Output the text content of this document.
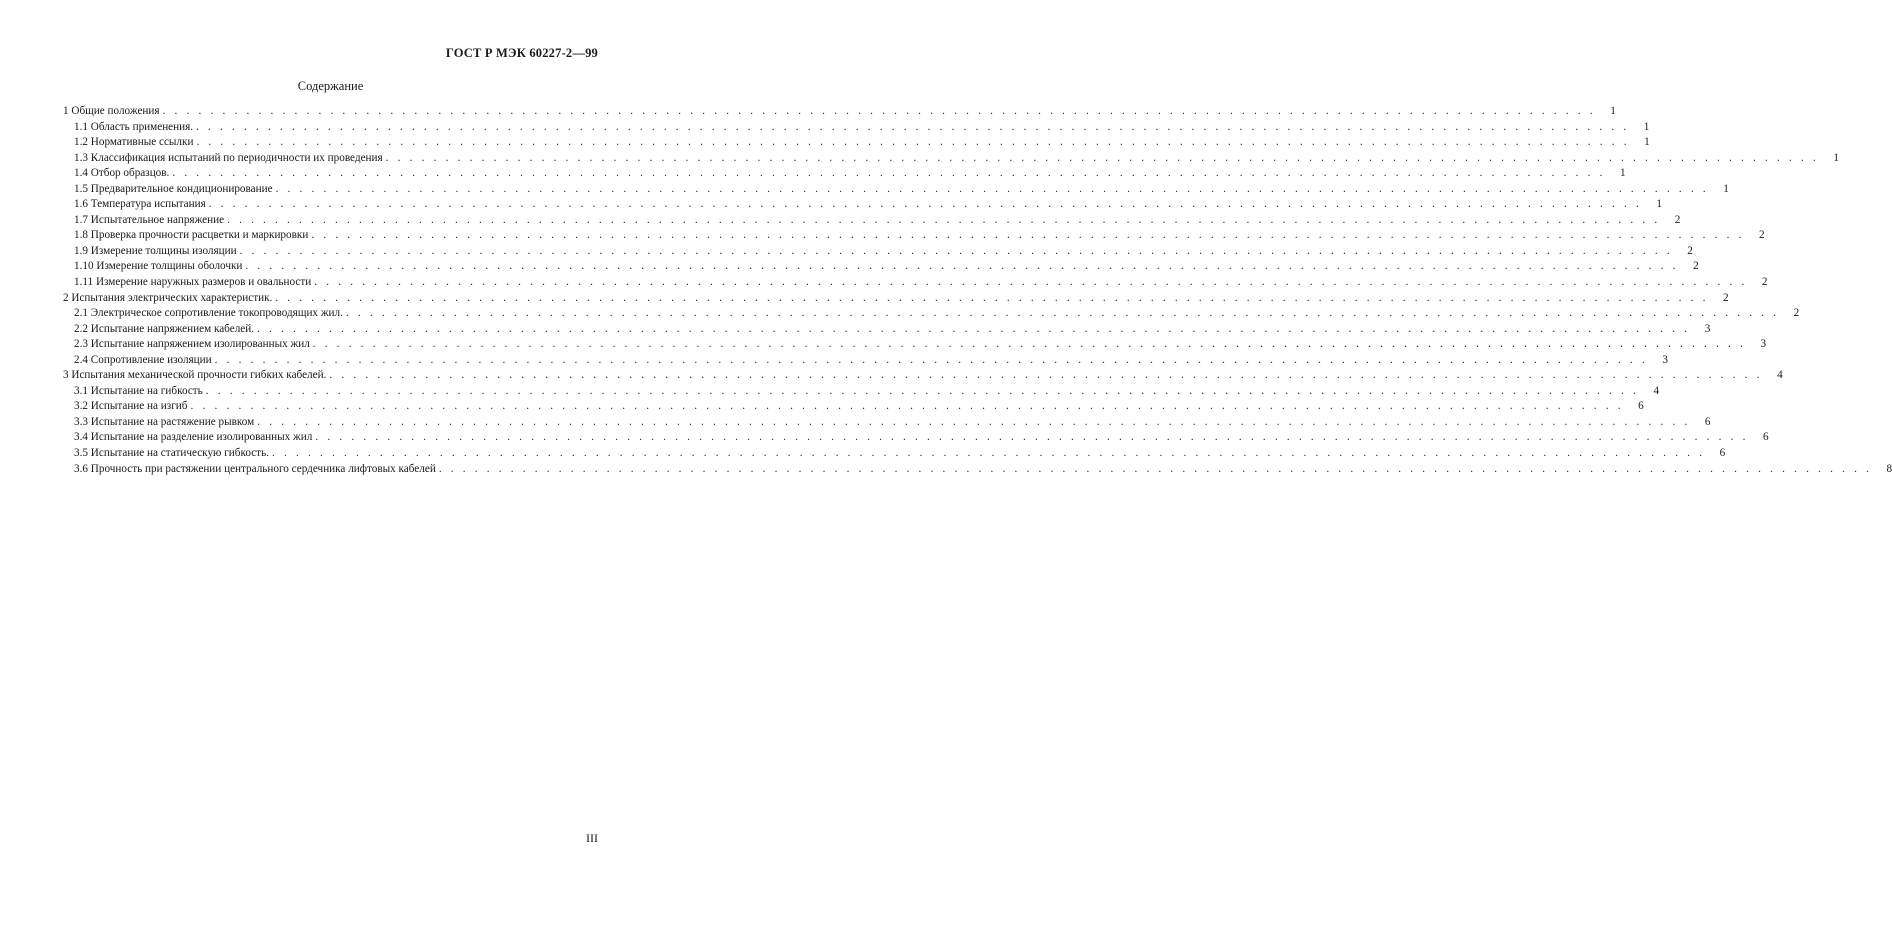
ГОСТ Р МЭК 60227-2—99
Содержание
1 Общие положения . . . . . . . . . . . . . . . . . . . . . . . . . . . . . . . . . . . . . . . . . . . . . . . . . . . . . . . . . . . . . . . . . . . . . . . . . . . . . . . . . . . . . . . . . . . . . . . . . . . . . . . . . . . . . . . . . . . . . . . .	1
1.1 Область применения. . . . . . . . . . . . . . . . . . . . . . . . . . . . . . . . . . . . . . . . . . . . . . . . . . . . . . . . . . . . . . . . . . . . . . . . . . . . . . . . . . . . . . . . . . . . . . . . . . . . . . . . . . . . . . . . . . . . . . . . .	1
1.2 Нормативные ссылки . . . . . . . . . . . . . . . . . . . . . . . . . . . . . . . . . . . . . . . . . . . . . . . . . . . . . . . . . . . . . . . . . . . . . . . . . . . . . . . . . . . . . . . . . . . . . . . . . . . . . . . . . . . . . . . . . . . . . . . .	1
1.3 Классификация испытаний по периодичности их проведения . . . . . . . . . . . . . . . . . . . . . . . . . . . . . . . . . . . . . . . . . . . . . . . . . . . . . . . . . . . . . . . . . . . . . . . . . . . . . . . . . . . . . . . . . . . . . . . . . . . . . . . . . . . . . . . . . . . . . . . .	1
1.4 Отбор образцов. . . . . . . . . . . . . . . . . . . . . . . . . . . . . . . . . . . . . . . . . . . . . . . . . . . . . . . . . . . . . . . . . . . . . . . . . . . . . . . . . . . . . . . . . . . . . . . . . . . . . . . . . . . . . . . . . . . . . . . . .	1
1.5 Предварительное кондиционирование . . . . . . . . . . . . . . . . . . . . . . . . . . . . . . . . . . . . . . . . . . . . . . . . . . . . . . . . . . . . . . . . . . . . . . . . . . . . . . . . . . . . . . . . . . . . . . . . . . . . . . . . . . . . . . . . . . . . . . . .	1
1.6 Температура испытания . . . . . . . . . . . . . . . . . . . . . . . . . . . . . . . . . . . . . . . . . . . . . . . . . . . . . . . . . . . . . . . . . . . . . . . . . . . . . . . . . . . . . . . . . . . . . . . . . . . . . . . . . . . . . . . . . . . . . . . .	1
1.7 Испытательное напряжение . . . . . . . . . . . . . . . . . . . . . . . . . . . . . . . . . . . . . . . . . . . . . . . . . . . . . . . . . . . . . . . . . . . . . . . . . . . . . . . . . . . . . . . . . . . . . . . . . . . . . . . . . . . . . . . . . . . . . . . .	2
1.8 Проверка прочности расцветки и маркировки . . . . . . . . . . . . . . . . . . . . . . . . . . . . . . . . . . . . . . . . . . . . . . . . . . . . . . . . . . . . . . . . . . . . . . . . . . . . . . . . . . . . . . . . . . . . . . . . . . . . . . . . . . . . . . . . . . . . . . . .	2
1.9 Измерение толщины изоляции . . . . . . . . . . . . . . . . . . . . . . . . . . . . . . . . . . . . . . . . . . . . . . . . . . . . . . . . . . . . . . . . . . . . . . . . . . . . . . . . . . . . . . . . . . . . . . . . . . . . . . . . . . . . . . . . . . . . . . . .	2
1.10 Измерение толщины оболочки . . . . . . . . . . . . . . . . . . . . . . . . . . . . . . . . . . . . . . . . . . . . . . . . . . . . . . . . . . . . . . . . . . . . . . . . . . . . . . . . . . . . . . . . . . . . . . . . . . . . . . . . . . . . . . . . . . . . . . . .	2
1.11 Измерение наружных размеров и овальности . . . . . . . . . . . . . . . . . . . . . . . . . . . . . . . . . . . . . . . . . . . . . . . . . . . . . . . . . . . . . . . . . . . . . . . . . . . . . . . . . . . . . . . . . . . . . . . . . . . . . . . . . . . . . . . . . . . . . . . .	2
2 Испытания электрических характеристик. . . . . . . . . . . . . . . . . . . . . . . . . . . . . . . . . . . . . . . . . . . . . . . . . . . . . . . . . . . . . . . . . . . . . . . . . . . . . . . . . . . . . . . . . . . . . . . . . . . . . . . . . . . . . . . . . . . . . . . . .	2
2.1 Электрическое сопротивление токопроводящих жил. . . . . . . . . . . . . . . . . . . . . . . . . . . . . . . . . . . . . . . . . . . . . . . . . . . . . . . . . . . . . . . . . . . . . . . . . . . . . . . . . . . . . . . . . . . . . . . . . . . . . . . . . . . . . . . . . . . . . . . . .	2
2.2 Испытание напряжением кабелей. . . . . . . . . . . . . . . . . . . . . . . . . . . . . . . . . . . . . . . . . . . . . . . . . . . . . . . . . . . . . . . . . . . . . . . . . . . . . . . . . . . . . . . . . . . . . . . . . . . . . . . . . . . . . . . . . . . . . . . . .	3
2.3 Испытание напряжением изолированных жил . . . . . . . . . . . . . . . . . . . . . . . . . . . . . . . . . . . . . . . . . . . . . . . . . . . . . . . . . . . . . . . . . . . . . . . . . . . . . . . . . . . . . . . . . . . . . . . . . . . . . . . . . . . . . . . . . . . . . . . .	3
2.4 Сопротивление изоляции . . . . . . . . . . . . . . . . . . . . . . . . . . . . . . . . . . . . . . . . . . . . . . . . . . . . . . . . . . . . . . . . . . . . . . . . . . . . . . . . . . . . . . . . . . . . . . . . . . . . . . . . . . . . . . . . . . . . . . . .	3
3 Испытания механической прочности гибких кабелей. . . . . . . . . . . . . . . . . . . . . . . . . . . . . . . . . . . . . . . . . . . . . . . . . . . . . . . . . . . . . . . . . . . . . . . . . . . . . . . . . . . . . . . . . . . . . . . . . . . . . . . . . . . . . . . . . . . . . . . . .	4
3.1 Испытание на гибкость . . . . . . . . . . . . . . . . . . . . . . . . . . . . . . . . . . . . . . . . . . . . . . . . . . . . . . . . . . . . . . . . . . . . . . . . . . . . . . . . . . . . . . . . . . . . . . . . . . . . . . . . . . . . . . . . . . . . . . . .	4
3.2 Испытание на изгиб . . . . . . . . . . . . . . . . . . . . . . . . . . . . . . . . . . . . . . . . . . . . . . . . . . . . . . . . . . . . . . . . . . . . . . . . . . . . . . . . . . . . . . . . . . . . . . . . . . . . . . . . . . . . . . . . . . . . . . . .	6
3.3 Испытание на растяжение рывком . . . . . . . . . . . . . . . . . . . . . . . . . . . . . . . . . . . . . . . . . . . . . . . . . . . . . . . . . . . . . . . . . . . . . . . . . . . . . . . . . . . . . . . . . . . . . . . . . . . . . . . . . . . . . . . . . . . . . . . .	6
3.4 Испытание на разделение изолированных жил . . . . . . . . . . . . . . . . . . . . . . . . . . . . . . . . . . . . . . . . . . . . . . . . . . . . . . . . . . . . . . . . . . . . . . . . . . . . . . . . . . . . . . . . . . . . . . . . . . . . . . . . . . . . . . . . . . . . . . . .	6
3.5 Испытание на статическую гибкость. . . . . . . . . . . . . . . . . . . . . . . . . . . . . . . . . . . . . . . . . . . . . . . . . . . . . . . . . . . . . . . . . . . . . . . . . . . . . . . . . . . . . . . . . . . . . . . . . . . . . . . . . . . . . . . . . . . . . . . . .	6
3.6 Прочность при растяжении центрального сердечника лифтовых кабелей . . . . . . . . . . . . . . . . . . . . . . . . . . . . . . . . . . . . . . . . . . . . . . . . . . . . . . . . . . . . . . . . . . . . . . . . . . . . . . . . . . . . . . . . . . . . . . . . . . . . . . . . . . . . . . . . . . . . . . . .	8
III
